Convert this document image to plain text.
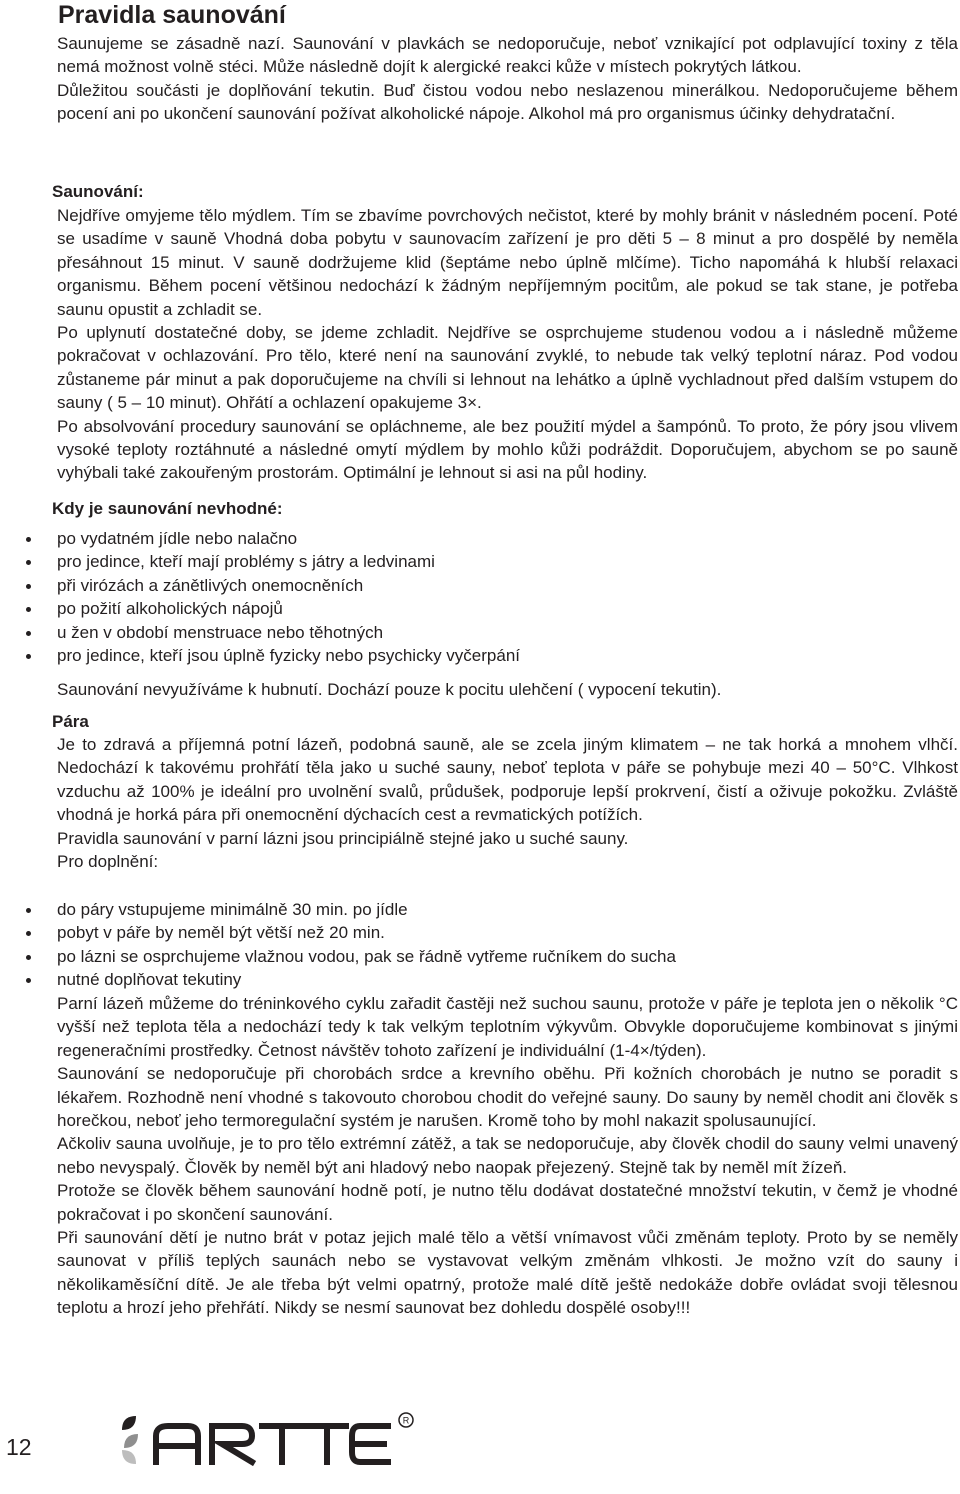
Pravidla saunování

Saunujeme se zásadně nazí. Saunování v plavkách se nedoporučuje, neboť vznikající pot odplavující toxiny z těla nemá možnost volně stéci. Může následně dojít k alergické reakci kůže v místech pokrytých látkou.

Důležitou součásti je doplňování tekutin. Buď čistou vodou nebo neslazenou minerálkou. Nedoporučujeme během pocení ani po ukončení saunování požívat alkoholické nápoje. Alkohol má pro organismus účinky dehydratační.

Saunování:

Nejdříve omyjeme tělo mýdlem. Tím se zbavíme povrchových nečistot, které by mohly bránit v následném pocení. Poté se usadíme v sauně Vhodná doba pobytu v saunovacím zařízení je pro děti 5 – 8 minut a pro dospělé by neměla přesáhnout 15 minut. V sauně dodržujeme klid (šeptáme nebo úplně mlčíme). Ticho napomáhá k hlubší relaxaci organismu. Během pocení většinou nedochází k žádným nepříjemným pocitům, ale pokud se tak stane, je potřeba saunu opustit a zchladit se.

Po uplynutí dostatečné doby, se jdeme zchladit. Nejdříve se osprchujeme studenou vodou a i následně můžeme pokračovat v ochlazování. Pro tělo, které není na saunování zvyklé, to nebude tak velký teplotní náraz. Pod vodou zůstaneme pár minut a pak doporučujeme na chvíli si lehnout na lehátko a úplně vychladnout před dalším vstupem do sauny ( 5 – 10 minut). Ohřátí a ochlazení opakujeme 3×.

Po absolvování procedury saunování se opláchneme, ale bez použití mýdel a šampónů. To proto, že póry jsou vlivem vysoké teploty roztáhnuté a následné omytí mýdlem by mohlo kůži podráždit. Doporučujem, abychom se po sauně vyhýbali také zakouřeným prostorám. Optimální je lehnout si asi na půl hodiny.

Kdy je saunování nevhodné:
po vydatném jídle nebo nalačno
pro jedince, kteří mají problémy s játry a ledvinami
při virózách a zánětlivých onemocněních
po požití alkoholických nápojů
u žen v období menstruace nebo těhotných
pro jedince, kteří jsou úplně fyzicky nebo psychicky vyčerpání
Saunování nevyužíváme k hubnutí. Dochází pouze k pocitu ulehčení ( vypocení tekutin).
Pára

Je to zdravá a příjemná potní lázeň, podobná sauně, ale se zcela jiným klimatem – ne tak horká a mnohem vlhčí. Nedochází k takovému prohřátí těla jako u suché sauny, neboť teplota v páře se pohybuje mezi 40 – 50°C. Vlhkost vzduchu až 100% je ideální pro uvolnění svalů, průdušek, podporuje lepší prokrvení, čistí a oživuje pokožku. Zvláště vhodná je horká pára při onemocnění dýchacích cest a revmatických potížích.

Pravidla saunování v parní lázni jsou principiálně stejné jako u suché sauny.

Pro doplnění:

do páry vstupujeme minimálně 30 min. po jídle
pobyt v páře by neměl být větší než 20 min.
po lázni se osprchujeme vlažnou vodou, pak se řádně vytřeme ručníkem do sucha
nutné doplňovat tekutiny

Parní lázeň můžeme do tréninkového cyklu zařadit častěji než suchou saunu, protože v páře je teplota jen o několik °C vyšší než teplota těla a nedochází tedy k tak velkým teplotním výkyvům. Obvykle doporučujeme kombinovat s jinými regeneračními prostředky. Četnost návštěv tohoto zařízení je individuální (1-4×/týden).

Saunování se nedoporučuje při chorobách srdce a krevního oběhu. Při kožních chorobách je nutno se poradit s lékařem. Rozhodně není vhodné s takovouto chorobou chodit do veřejné sauny. Do sauny by neměl chodit ani člověk s horečkou, neboť jeho termoregulační systém je narušen. Kromě toho by mohl nakazit spolusaunující.

Ačkoliv sauna uvolňuje, je to pro tělo extrémní zátěž, a tak se nedoporučuje, aby člověk chodil do sauny velmi unavený nebo nevyspalý. Člověk by neměl být ani hladový nebo naopak přejezený. Stejně tak by neměl mít žízeň.

Protože se člověk během saunování hodně potí, je nutno tělu dodávat dostatečné množství tekutin, v čemž je vhodné pokračovat i po skončení saunování.

Při saunování dětí je nutno brát v potaz jejich malé tělo a větší vnímavost vůči změnám teploty. Proto by se neměly saunovat v příliš teplých saunách nebo se vystavovat velkým změnám vlhkosti. Je možno vzít do sauny i několikaměsíční dítě. Je ale třeba být velmi opatrný, protože malé dítě ještě nedokáže dobře ovládat svoji tělesnou teplotu a hrozí jeho přehřátí. Nikdy se nesmí saunovat bez dohledu dospělé osoby!!!

12
R
